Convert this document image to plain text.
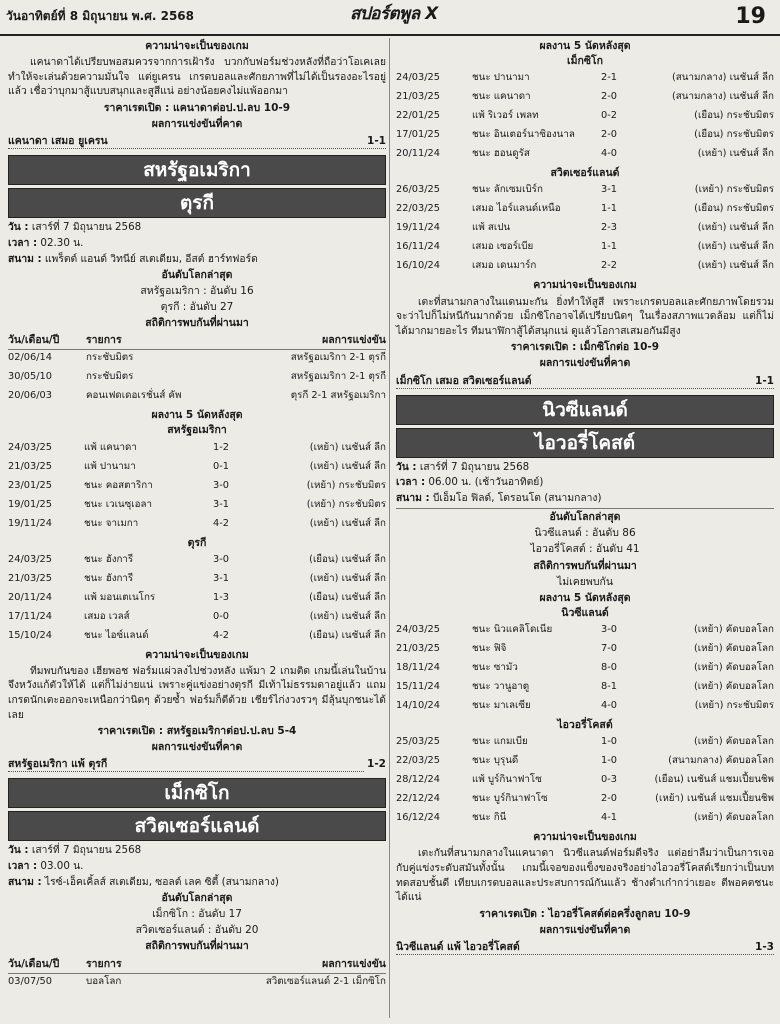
วันอาทิตย์ที่ 8 มิถุนายน พ.ศ. 2568	สปอร์ตพูล X	19
ความน่าจะเป็นของเกม
แคนาดาได้เปรียบพอสมควรจากการเฝ้ารัง บวกกับฟอร์มช่วงหลังที่ถือว่าโอเคเลย ทำให้จะเล่นด้วยความมั่นใจ แต่ยูเครน เกรดบอลและศักยภาพที่ไม่ได้เป็นรองอะไรอยู่แล้ว เชื่อว่าบุกมาสู้แบบสนุกและสูสีแน่ อย่างน้อยคงไม่แพ้ออกมา
ราคาเรตเปิด : แคนาดาต่อป.ป.ลบ 10-9
ผลการแข่งขันที่คาด
แคนาดา เสมอ ยูเครน	1-1
สหรัฐอเมริกา
ตุรกี
วัน : เสาร์ที่ 7 มิถุนายน 2568
เวลา : 02.30 น.
สนาม : แพร็ตต์ แอนด์ วิทนีย์ สเตเดียม, อีสต์ ฮาร์ทฟอร์ด
อันดับโลกล่าสุด
สหรัฐอเมริกา : อันดับ 16
ตุรกี : อันดับ 27
สถิติการพบกันที่ผ่านมา
วัน/เดือน/ปี	รายการ	ผลการแข่งขัน
02/06/14	กระชับมิตร	สหรัฐอเมริกา 2-1 ตุรกี
30/05/10	กระชับมิตร	สหรัฐอเมริกา 2-1 ตุรกี
20/06/03	คอนเฟดเดอเรชั่นส์ คัพ	ตุรกี 2-1 สหรัฐอเมริกา
ผลงาน 5 นัดหลังสุด
สหรัฐอเมริกา
24/03/25	แพ้ แคนาดา	1-2	(เหย้า) เนชันส์ ลีก
21/03/25	แพ้ ปานามา	0-1	(เหย้า) เนชันส์ ลีก
23/01/25	ชนะ คอสตาริกา	3-0	(เหย้า) กระชับมิตร
19/01/25	ชนะ เวเนซุเอลา	3-1	(เหย้า) กระชับมิตร
19/11/24	ชนะ จาเมกา	4-2	(เหย้า) เนชันส์ ลีก
ตุรกี
24/03/25	ชนะ ฮังการี	3-0	(เยือน) เนชันส์ ลีก
21/03/25	ชนะ ฮังการี	3-1	(เหย้า) เนชันส์ ลีก
20/11/24	แพ้ มอนเตเนโกร	1-3	(เยือน) เนชันส์ ลีก
17/11/24	เสมอ เวลส์	0-0	(เหย้า) เนชันส์ ลีก
15/10/24	ชนะ ไอซ์แลนด์	4-2	(เยือน) เนชันส์ ลีก
ความน่าจะเป็นของเกม
ทีมพบกันของ เฮียพอช ฟอร์มแผ่วลงไปช่วงหลัง แพ้มา 2 เกมติด เกมนี้เล่นในบ้านจึงหวังแก้ตัวให้ได้ แต่ก็ไม่ง่ายแน่ เพราะคู่แข่งอย่างตุรกี มีเท้าไม่ธรรมดาอยู่แล้ว แถมเกรดนักเตะออกจะเหนือกว่านิดๆ ด้วยซ้ำ ฟอร์มก็ดีด้วย เชียร์ไก่งวงรวๆ มีลุ้นบุกชนะได้เลย
ราคาเรตเปิด : สหรัฐอเมริกาต่อป.ป.ลบ 5-4
ผลการแข่งขันที่คาด
สหรัฐอเมริกา แพ้ ตุรกี	1-2
เม็กซิโก
สวิตเซอร์แลนด์
วัน : เสาร์ที่ 7 มิถุนายน 2568
เวลา : 03.00 น.
สนาม : ไรซ์-เอ็คเคิ้ลส์ สเตเดียม, ซอลต์ เลค ซิตี้ (สนามกลาง)
อันดับโลกล่าสุด
เม็กซิโก : อันดับ 17
สวิตเซอร์แลนด์ : อันดับ 20
สถิติการพบกันที่ผ่านมา
วัน/เดือน/ปี	รายการ	ผลการแข่งขัน
03/07/50	บอลโลก	สวิตเซอร์แลนด์ 2-1 เม็กซิโก
ผลงาน 5 นัดหลังสุด
เม็กซิโก
24/03/25	ชนะ ปานามา	2-1	(สนามกลาง) เนชันส์ ลีก
21/03/25	ชนะ แคนาดา	2-0	(สนามกลาง) เนชันส์ ลีก
22/01/25	แพ้ ริเวอร์ เพลท	0-2	(เยือน) กระชับมิตร
17/01/25	ชนะ อินเตอร์นาซิองนาล	2-0	(เยือน) กระชับมิตร
20/11/24	ชนะ ฮอนดูรัส	4-0	(เหย้า) เนชันส์ ลีก
สวิตเซอร์แลนด์
26/03/25	ชนะ ลักเซมเบิร์ก	3-1	(เหย้า) กระชับมิตร
22/03/25	เสมอ ไอร์แลนด์เหนือ	1-1	(เยือน) กระชับมิตร
19/11/24	แพ้ สเปน	2-3	(เหย้า) เนชันส์ ลีก
16/11/24	เสมอ เซอร์เบีย	1-1	(เหย้า) เนชันส์ ลีก
16/10/24	เสมอ เดนมาร์ก	2-2	(เหย้า) เนชันส์ ลีก
ความน่าจะเป็นของเกม
เตะที่สนามกลางในแดนมะกัน ยิ่งทำให้สูสี เพราะเกรดบอลและศักยภาพโดยรวมจะว่าไปก็ไม่หนีกันมากด้วย เม็กซิโกอาจได้เปรียบนิดๆ ในเรื่องสภาพแวดล้อม แต่ก็ไม่ได้มากมายอะไร ทีมนาฬิกาสู้ได้สนุกแน่ ดูแล้วโอกาสเสมอกันมีสูง
ราคาเรตเปิด : เม็กซิโกต่อ 10-9
ผลการแข่งขันที่คาด
เม็กซิโก เสมอ สวิตเซอร์แลนด์	1-1
นิวซีแลนด์
ไอวอรี่โคสต์
วัน : เสาร์ที่ 7 มิถุนายน 2568
เวลา : 06.00 น. (เช้าวันอาทิตย์)
สนาม : บีเอ็มโอ ฟิลด์, โตรอนโต (สนามกลาง)
อันดับโลกล่าสุด
นิวซีแลนด์ : อันดับ 86
ไอวอรี่โคสต์ : อันดับ 41
สถิติการพบกันที่ผ่านมา
ไม่เคยพบกัน
ผลงาน 5 นัดหลังสุด
นิวซีแลนด์
24/03/25	ชนะ นิวแคลิโดเนีย	3-0	(เหย้า) คัดบอลโลก
21/03/25	ชนะ ฟิจิ	7-0	(เหย้า) คัดบอลโลก
18/11/24	ชนะ ซามัว	8-0	(เหย้า) คัดบอลโลก
15/11/24	ชนะ วานูอาตู	8-1	(เหย้า) คัดบอลโลก
14/10/24	ชนะ มาเลเซีย	4-0	(เหย้า) กระชับมิตร
ไอวอรี่โคสต์
25/03/25	ชนะ แกมเบีย	1-0	(เหย้า) คัดบอลโลก
22/03/25	ชนะ บุรุนดี	1-0	(สนามกลาง) คัดบอลโลก
28/12/24	แพ้ บูร์กินาฟาโซ	0-3	(เยือน) เนชันส์ แชมเปี้ยนชิพ
22/12/24	ชนะ บูร์กินาฟาโซ	2-0	(เหย้า) เนชันส์ แชมเปี้ยนชิพ
16/12/24	ชนะ กินี	4-1	(เหย้า) คัดบอลโลก
ความน่าจะเป็นของเกม
เตะกันที่สนามกลางในแคนาดา นิวซีแลนด์ฟอร์มดีจริง แต่อย่าลืมว่าเป็นการเจอกับคู่แข่งระดับสมันทั้งนั้น เกมนี้เจอของแข็งของจริงอย่างไอวอรี่โคสต์เรียกว่าเป็นบททดสอบชั้นดี เทียบเกรดบอลและประสบการณ์กันแล้ว ช้างดำเก๋ากว่าเยอะ ตีพอคตชนะได้แน่
ราคาเรตเปิด : ไอวอรี่โคสต์ต่อครึ่งลูกลบ 10-9
ผลการแข่งขันที่คาด
นิวซีแลนด์ แพ้ ไอวอรี่โคสต์	1-3
